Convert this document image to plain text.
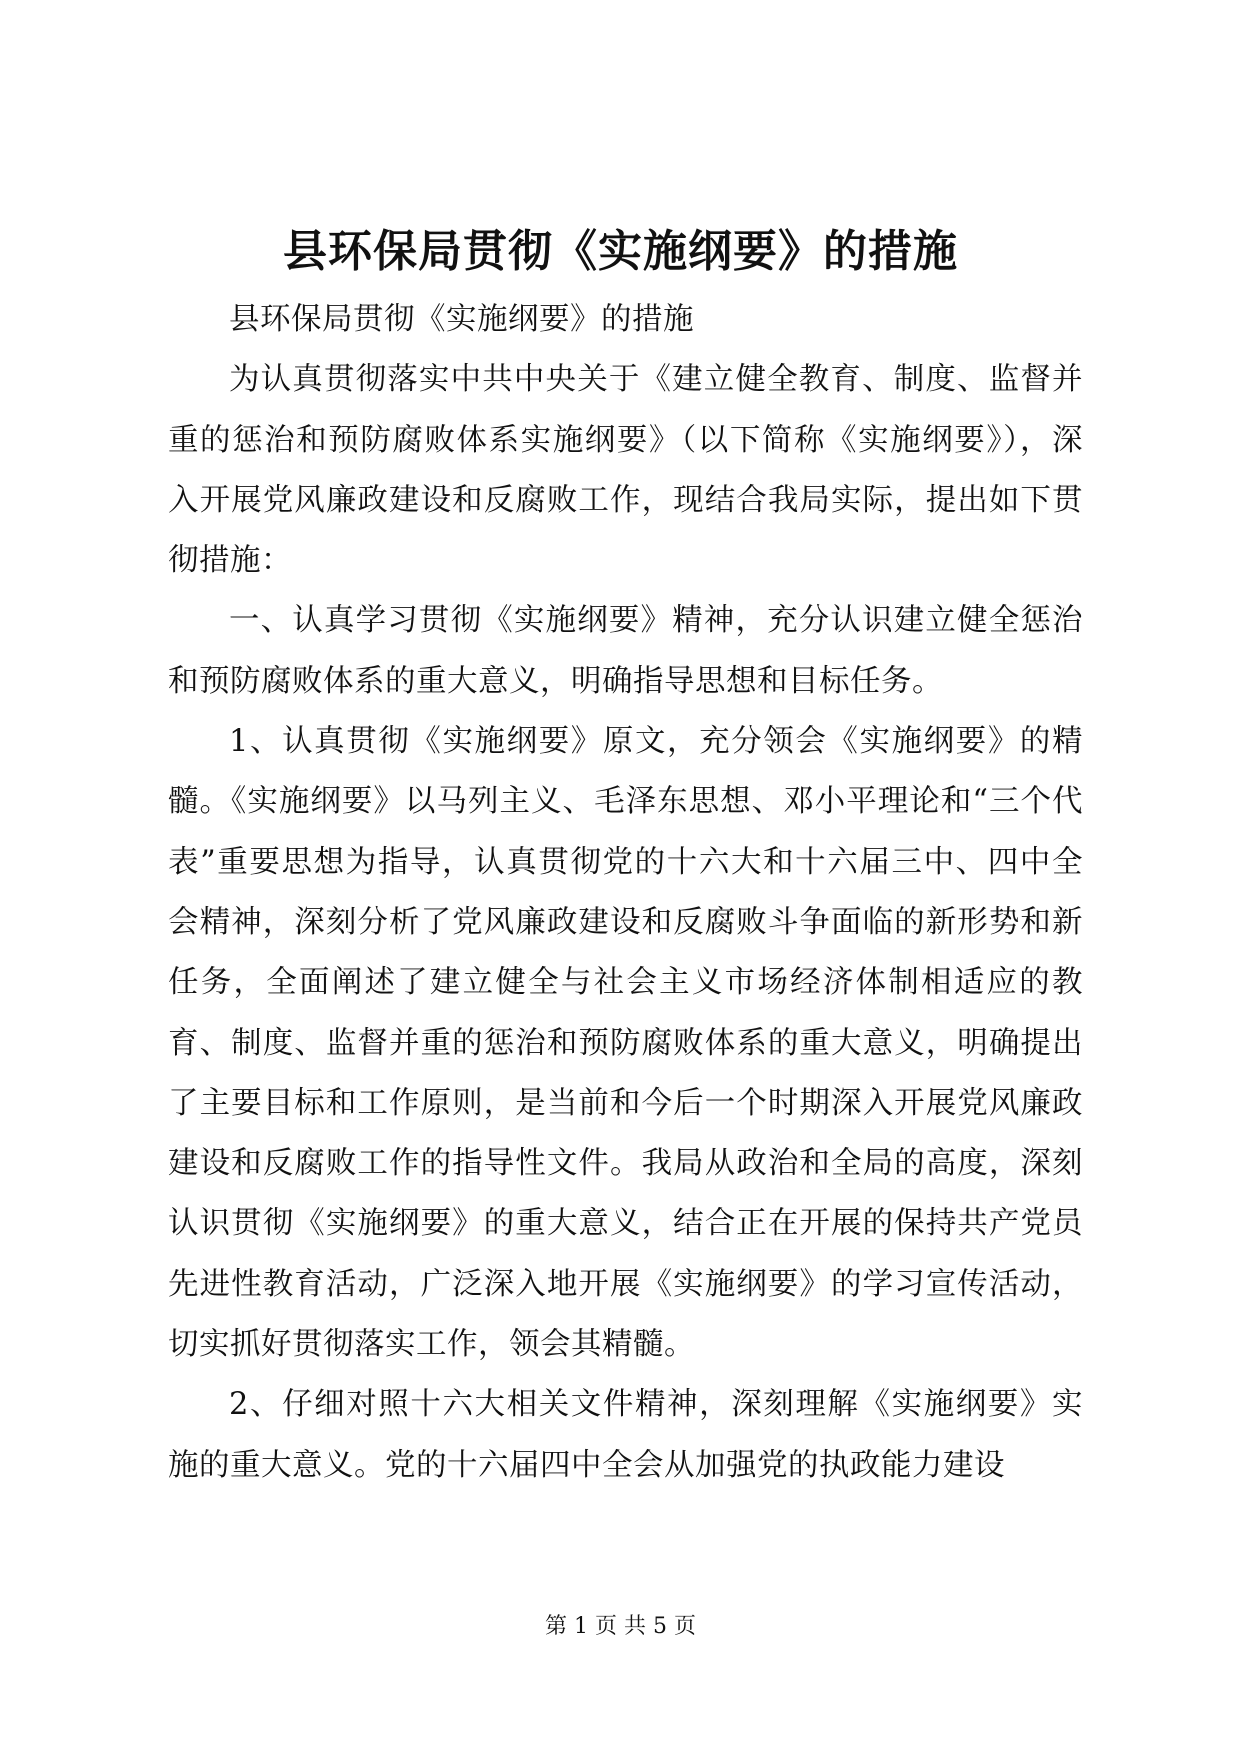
县环保局贯彻《实施纲要》的措施

县环保局贯彻《实施纲要》的措施

为认真贯彻落实中共中央关于《建立健全教育、制度、监督并重的惩治和预防腐败体系实施纲要》（以下简称《实施纲要》），深入开展党风廉政建设和反腐败工作，现结合我局实际，提出如下贯彻措施：

一、认真学习贯彻《实施纲要》精神，充分认识建立健全惩治和预防腐败体系的重大意义，明确指导思想和目标任务。

1、认真贯彻《实施纲要》原文，充分领会《实施纲要》的精髓。《实施纲要》以马列主义、毛泽东思想、邓小平理论和“三个代表”重要思想为指导，认真贯彻党的十六大和十六届三中、四中全会精神，深刻分析了党风廉政建设和反腐败斗争面临的新形势和新任务，全面阐述了建立健全与社会主义市场经济体制相适应的教育、制度、监督并重的惩治和预防腐败体系的重大意义，明确提出了主要目标和工作原则，是当前和今后一个时期深入开展党风廉政建设和反腐败工作的指导性文件。我局从政治和全局的高度，深刻认识贯彻《实施纲要》的重大意义，结合正在开展的保持共产党员先进性教育活动，广泛深入地开展《实施纲要》的学习宣传活动，切实抓好贯彻落实工作，领会其精髓。

2、仔细对照十六大相关文件精神，深刻理解《实施纲要》实施的重大意义。党的十六届四中全会从加强党的执政能力建设

第 1 页 共 5 页
